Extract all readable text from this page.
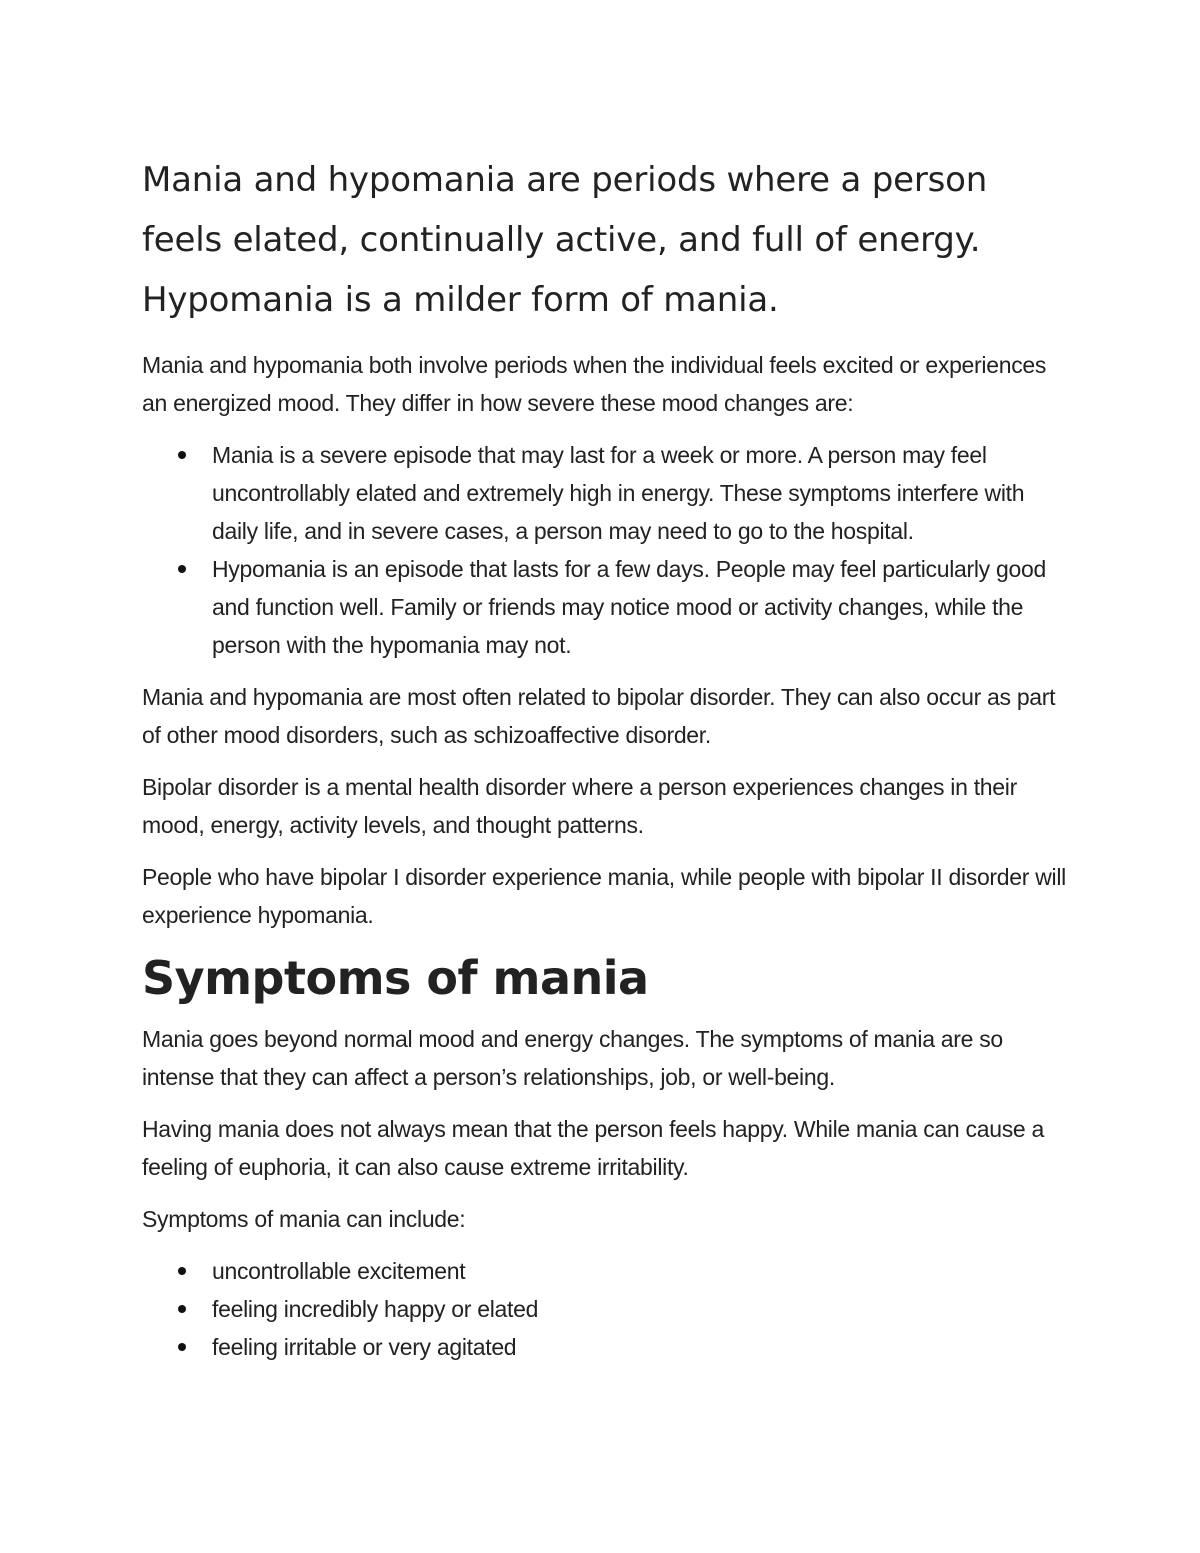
Mania and hypomania are periods where a person feels elated, continually active, and full of energy. Hypomania is a milder form of mania.

Mania and hypomania both involve periods when the individual feels excited or experiences an energized mood. They differ in how severe these mood changes are:

Mania is a severe episode that may last for a week or more. A person may feel uncontrollably elated and extremely high in energy. These symptoms interfere with daily life, and in severe cases, a person may need to go to the hospital.
Hypomania is an episode that lasts for a few days. People may feel particularly good and function well. Family or friends may notice mood or activity changes, while the person with the hypomania may not.

Mania and hypomania are most often related to bipolar disorder. They can also occur as part of other mood disorders, such as schizoaffective disorder.

Bipolar disorder is a mental health disorder where a person experiences changes in their mood, energy, activity levels, and thought patterns.

People who have bipolar I disorder experience mania, while people with bipolar II disorder will experience hypomania.

Symptoms of mania

Mania goes beyond normal mood and energy changes. The symptoms of mania are so intense that they can affect a person’s relationships, job, or well-being.

Having mania does not always mean that the person feels happy. While mania can cause a feeling of euphoria, it can also cause extreme irritability.

Symptoms of mania can include:

uncontrollable excitement
feeling incredibly happy or elated
feeling irritable or very agitated
